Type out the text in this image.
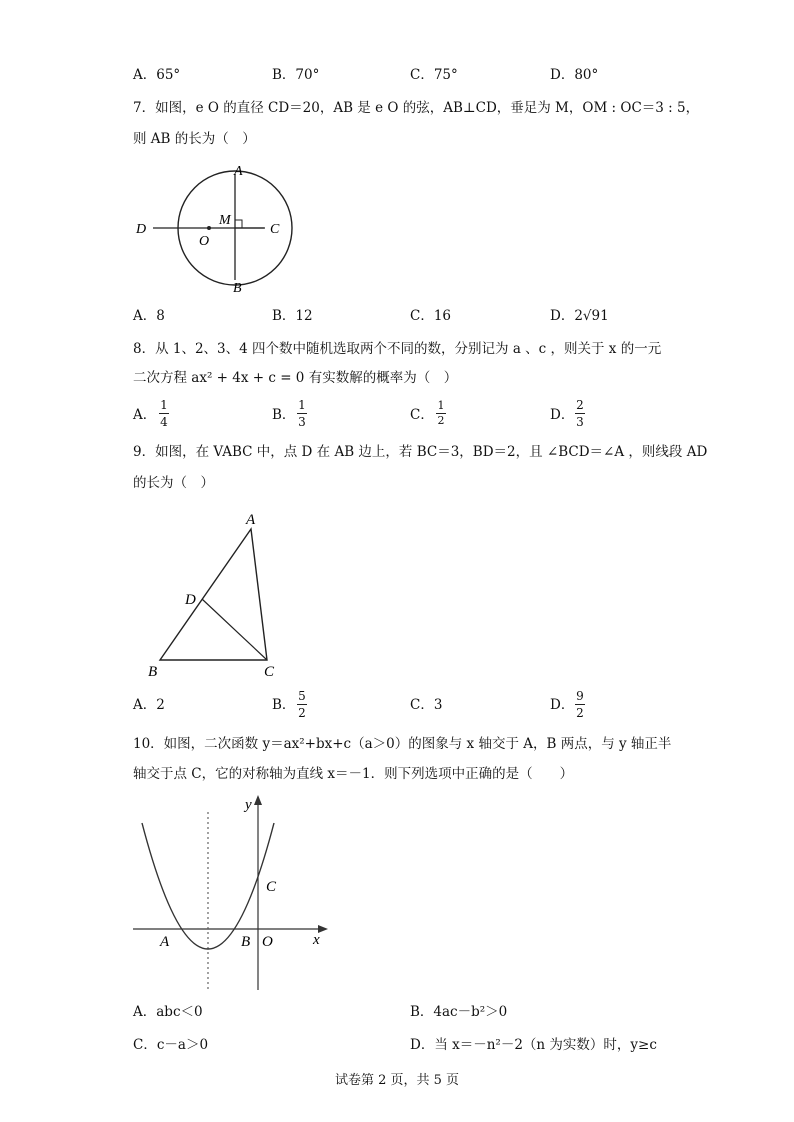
A．65°	B．70°	C．75°	D．80°
7．如图，e O 的直径 CD＝20，AB 是 e O 的弦，AB⊥CD，垂足为 M，OM : OC＝3 : 5，
则 AB 的长为（　）
A
B
C
D
M
O
A．8	B．12	C．16	D．2√91
8．从 1、2、3、4 四个数中随机选取两个不同的数，分别记为 a 、c ，则关于 x 的一元
二次方程 ax² + 4x + c = 0 有实数解的概率为（　）
A．
1
4	B．
1
3	C．
1
2	D．
2
3
9．如图，在 VABC 中，点 D 在 AB 边上，若 BC＝3，BD＝2，且 ∠BCD＝∠A ，则线段 AD
的长为（　）
A
B	C
D
A．2	B．
5
2	C．3	D．
9
2
10．如图，二次函数 y＝ax²+bx+c（a＞0）的图象与 x 轴交于 A，B 两点，与 y 轴正半
轴交于点 C，它的对称轴为直线 x＝－1．则下列选项中正确的是（　　）
y
x
A	B O
C
A．abc＜0	B．4ac－b²＞0
C．c－a＞0	D．当 x＝－n²－2（n 为实数）时，y≥c
试卷第 2 页，共 5 页
